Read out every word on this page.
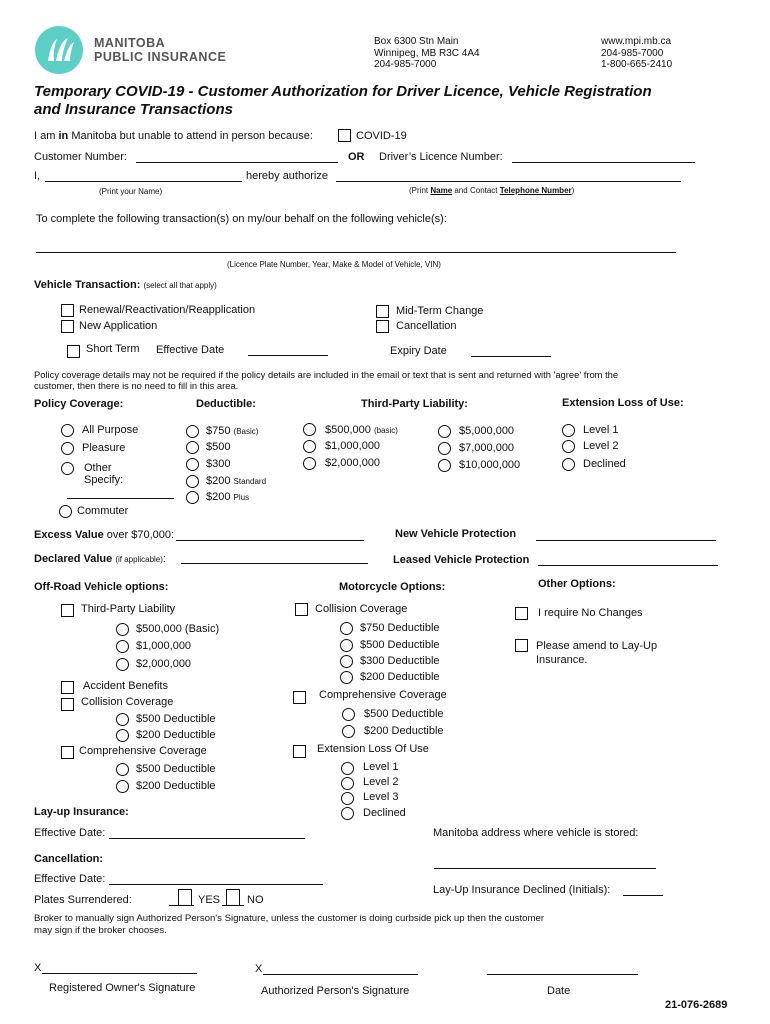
MANITOBA
PUBLIC INSURANCE
Box 6300 Stn Main
Winnipeg, MB R3C 4A4
204-985-7000
www.mpi.mb.ca
204-985-7000
1-800-665-2410
Temporary COVID-19 - Customer Authorization for Driver Licence, Vehicle Registration
and Insurance Transactions
I am in Manitoba but unable to attend in person because:	COVID-19
Customer Number:	OR Driver’s Licence Number:
I,	hereby authorize
(Print your Name)	(Print Name and Contact Telephone Number)
To complete the following transaction(s) on my/our behalf on the following vehicle(s):
(Licence Plate Number, Year, Make & Model of Vehicle, VIN)
Vehicle Transaction: (select all that apply)
Renewal/Reactivation/Reapplication
New Application
Mid-Term Change
Cancellation
Short Term Effective Date	Expiry Date
Policy coverage details may not be required if the policy details are included in the email or text that is sent and returned with 'agree' from the
customer, then there is no need to fill in this area.
Policy Coverage:
All Purpose
Pleasure
Other
Specify:
Commuter
Deductible:
$750 (Basic)
$500
$300
$200 Standard
$200 Plus
Third-Party Liability:
$500,000 (basic)
$1,000,000
$2,000,000
$5,000,000
$7,000,000
$10,000,000
Extension Loss of Use:
Level 1
Level 2
Declined
Excess Value over $70,000:	New Vehicle Protection
Declared Value (if applicable):	Leased Vehicle Protection
Off-Road Vehicle options:
Third-Party Liability
$500,000 (Basic)
$1,000,000
$2,000,000
Accident Benefits
Collision Coverage
$500 Deductible
$200 Deductible
Comprehensive Coverage
$500 Deductible
$200 Deductible
Motorcycle Options:
Collision Coverage
$750 Deductible
$500 Deductible
$300 Deductible
$200 Deductible
Comprehensive Coverage
$500 Deductible
$200 Deductible
Extension Loss Of Use
Level 1
Level 2
Level 3
Declined
Other Options:
I require No Changes
Please amend to Lay-Up
Insurance.
Lay-up Insurance:
Effective Date:	Manitoba address where vehicle is stored:
Cancellation:
Effective Date:
Lay-Up Insurance Declined (Initials):
Plates Surrendered:	YES NO
Broker to manually sign Authorized Person's Signature, unless the customer is doing curbside pick up then the customer
may sign if the broker chooses.
X
Registered Owner's Signature
X
Authorized Person's Signature	Date
21-076-2689
